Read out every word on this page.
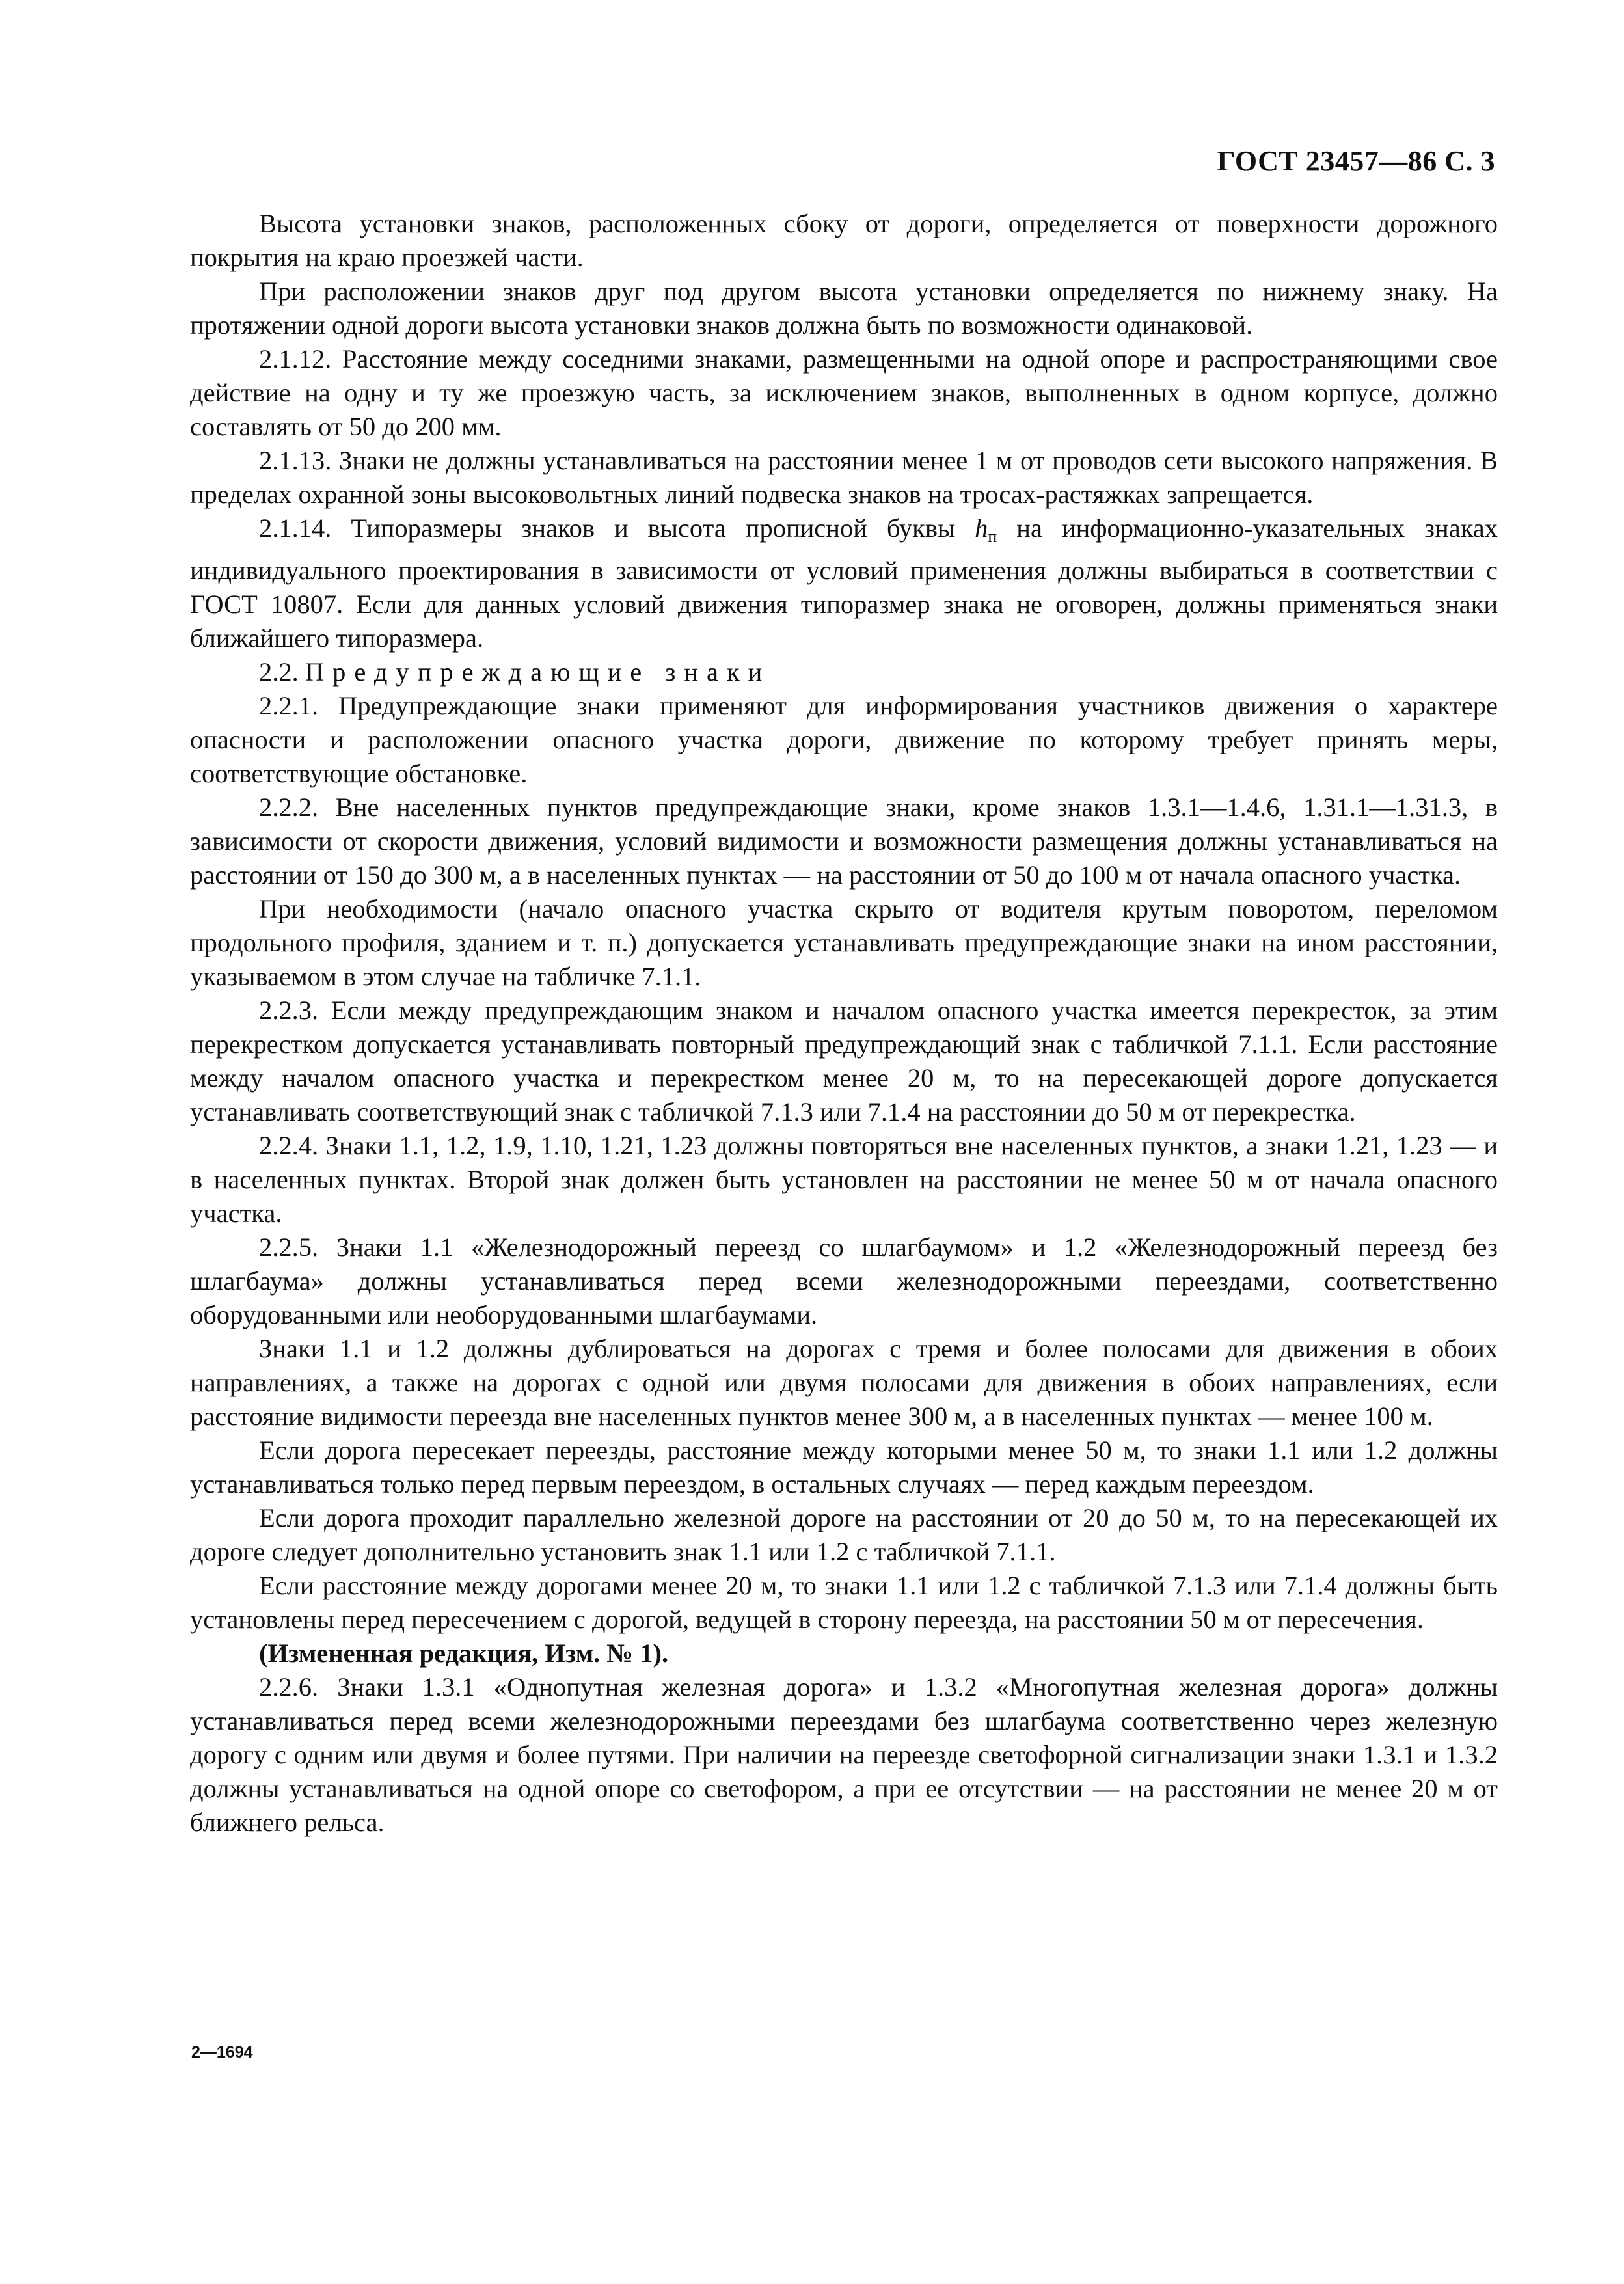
ГОСТ 23457—86 С. 3

Высота установки знаков, расположенных сбоку от дороги, определяется от поверхности дорожного покрытия на краю проезжей части.

При расположении знаков друг под другом высота установки определяется по нижнему знаку. На протяжении одной дороги высота установки знаков должна быть по возможности одинаковой.

2.1.12. Расстояние между соседними знаками, размещенными на одной опоре и распространяющими свое действие на одну и ту же проезжую часть, за исключением знаков, выполненных в одном корпусе, должно составлять от 50 до 200 мм.

2.1.13. Знаки не должны устанавливаться на расстоянии менее 1 м от проводов сети высокого напряжения. В пределах охранной зоны высоковольтных линий подвеска знаков на тросах-растяжках запрещается.

2.1.14. Типоразмеры знаков и высота прописной буквы $h_п$ на информационно-указательных знаках индивидуального проектирования в зависимости от условий применения должны выбираться в соответствии с ГОСТ 10807. Если для данных условий движения типоразмер знака не оговорен, должны применяться знаки ближайшего типоразмера.

2.2. Предупреждающие знаки

2.2.1. Предупреждающие знаки применяют для информирования участников движения о характере опасности и расположении опасного участка дороги, движение по которому требует принять меры, соответствующие обстановке.

2.2.2. Вне населенных пунктов предупреждающие знаки, кроме знаков 1.3.1—1.4.6, 1.31.1—1.31.3, в зависимости от скорости движения, условий видимости и возможности размещения должны устанавливаться на расстоянии от 150 до 300 м, а в населенных пунктах — на расстоянии от 50 до 100 м от начала опасного участка.

При необходимости (начало опасного участка скрыто от водителя крутым поворотом, переломом продольного профиля, зданием и т. п.) допускается устанавливать предупреждающие знаки на ином расстоянии, указываемом в этом случае на табличке 7.1.1.

2.2.3. Если между предупреждающим знаком и началом опасного участка имеется перекресток, за этим перекрестком допускается устанавливать повторный предупреждающий знак с табличкой 7.1.1. Если расстояние между началом опасного участка и перекрестком менее 20 м, то на пересекающей дороге допускается устанавливать соответствующий знак с табличкой 7.1.3 или 7.1.4 на расстоянии до 50 м от перекрестка.

2.2.4. Знаки 1.1, 1.2, 1.9, 1.10, 1.21, 1.23 должны повторяться вне населенных пунктов, а знаки 1.21, 1.23 — и в населенных пунктах. Второй знак должен быть установлен на расстоянии не менее 50 м от начала опасного участка.

2.2.5. Знаки 1.1 «Железнодорожный переезд со шлагбаумом» и 1.2 «Железнодорожный переезд без шлагбаума» должны устанавливаться перед всеми железнодорожными переездами, соответственно оборудованными или необорудованными шлагбаумами.

Знаки 1.1 и 1.2 должны дублироваться на дорогах с тремя и более полосами для движения в обоих направлениях, а также на дорогах с одной или двумя полосами для движения в обоих направлениях, если расстояние видимости переезда вне населенных пунктов менее 300 м, а в населенных пунктах — менее 100 м.

Если дорога пересекает переезды, расстояние между которыми менее 50 м, то знаки 1.1 или 1.2 должны устанавливаться только перед первым переездом, в остальных случаях — перед каждым переездом.

Если дорога проходит параллельно железной дороге на расстоянии от 20 до 50 м, то на пересекающей их дороге следует дополнительно установить знак 1.1 или 1.2 с табличкой 7.1.1.

Если расстояние между дорогами менее 20 м, то знаки 1.1 или 1.2 с табличкой 7.1.3 или 7.1.4 должны быть установлены перед пересечением с дорогой, ведущей в сторону переезда, на расстоянии 50 м от пересечения.

(Измененная редакция, Изм. № 1).

2.2.6. Знаки 1.3.1 «Однопутная железная дорога» и 1.3.2 «Многопутная железная дорога» должны устанавливаться перед всеми железнодорожными переездами без шлагбаума соответственно через железную дорогу с одним или двумя и более путями. При наличии на переезде светофорной сигнализации знаки 1.3.1 и 1.3.2 должны устанавливаться на одной опоре со светофором, а при ее отсутствии — на расстоянии не менее 20 м от ближнего рельса.

2—1694
